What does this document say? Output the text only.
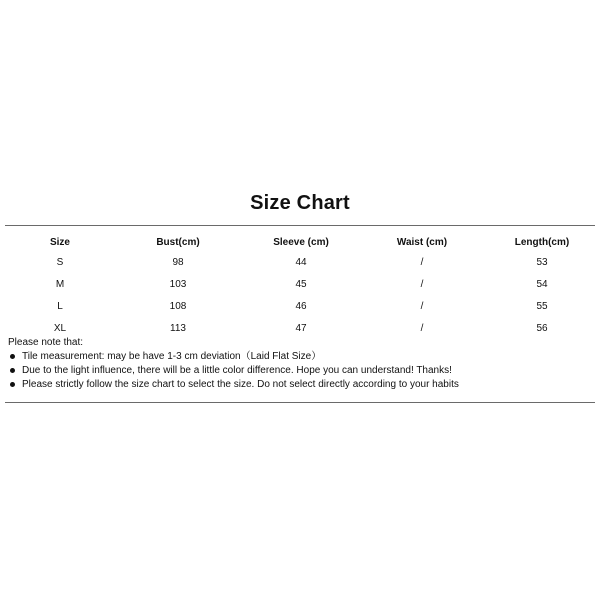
Size Chart
Size	Bust(cm)	Sleeve (cm)	Waist (cm)	Length(cm)
S	98	44	/	53
M	103	45	/	54
L	108	46	/	55
XL	113	47	/	56
Please note that:
Tile measurement: may be have 1-3 cm deviation（Laid Flat Size）
Due to the light influence, there will be a little color difference. Hope you can understand! Thanks!
Please strictly follow the size chart to select the size. Do not select directly according to your habits
